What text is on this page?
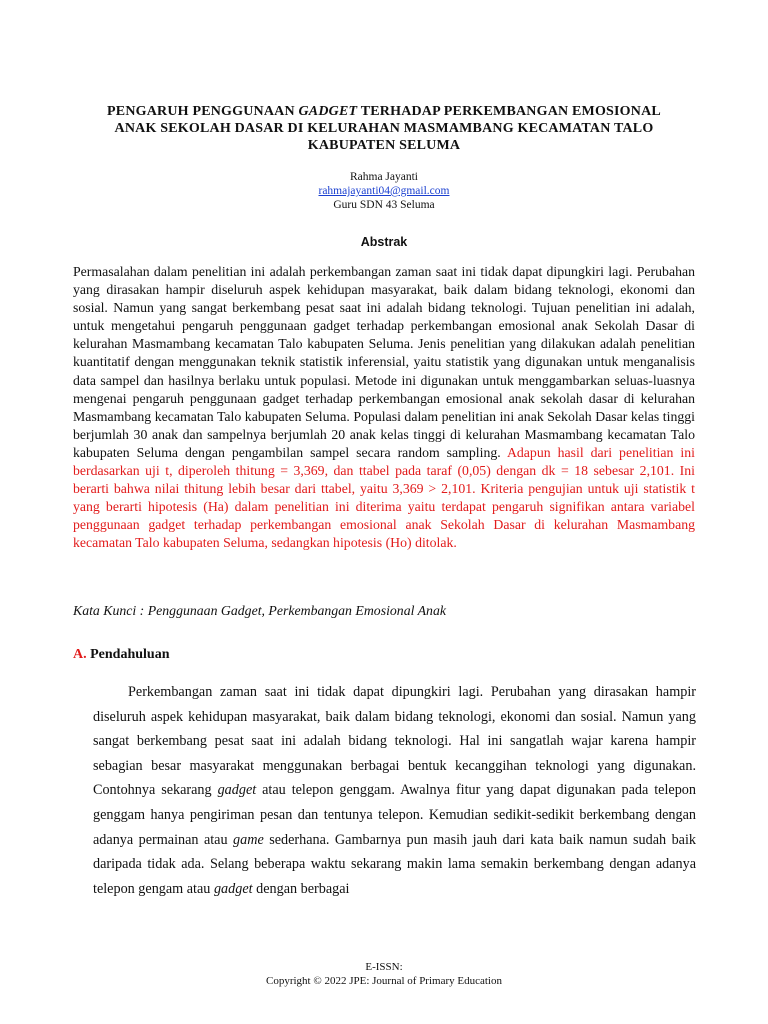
PENGARUH PENGGUNAAN GADGET TERHADAP PERKEMBANGAN EMOSIONAL
ANAK SEKOLAH DASAR DI KELURAHAN MASMAMBANG KECAMATAN TALO
KABUPATEN SELUMA
Rahma Jayanti
rahmajayanti04@gmail.com
Guru SDN 43 Seluma
Abstrak
Permasalahan dalam penelitian ini adalah perkembangan zaman saat ini tidak dapat dipungkiri lagi. Perubahan yang dirasakan hampir diseluruh aspek kehidupan masyarakat, baik dalam bidang teknologi, ekonomi dan sosial. Namun yang sangat berkembang pesat saat ini adalah bidang teknologi. Tujuan penelitian ini adalah, untuk mengetahui pengaruh penggunaan gadget terhadap perkembangan emosional anak Sekolah Dasar di kelurahan Masmambang kecamatan Talo kabupaten Seluma. Jenis penelitian yang dilakukan adalah penelitian kuantitatif dengan menggunakan teknik statistik inferensial, yaitu statistik yang digunakan untuk menganalisis data sampel dan hasilnya berlaku untuk populasi. Metode ini digunakan untuk menggambarkan seluas-luasnya mengenai pengaruh penggunaan gadget terhadap perkembangan emosional anak sekolah dasar di kelurahan Masmambang kecamatan Talo kabupaten Seluma. Populasi dalam penelitian ini anak Sekolah Dasar kelas tinggi berjumlah 30 anak dan sampelnya berjumlah 20 anak kelas tinggi di kelurahan Masmambang kecamatan Talo kabupaten Seluma dengan pengambilan sampel secara random sampling. Adapun hasil dari penelitian ini berdasarkan uji t, diperoleh thitung = 3,369, dan ttabel pada taraf (0,05) dengan dk = 18 sebesar 2,101. Ini berarti bahwa nilai thitung lebih besar dari ttabel, yaitu 3,369 > 2,101. Kriteria pengujian untuk uji statistik t yang berarti hipotesis (Ha) dalam penelitian ini diterima yaitu terdapat pengaruh signifikan antara variabel penggunaan gadget terhadap perkembangan emosional anak Sekolah Dasar di kelurahan Masmambang kecamatan Talo kabupaten Seluma, sedangkan hipotesis (Ho) ditolak.
Kata Kunci : Penggunaan Gadget, Perkembangan Emosional Anak
A. Pendahuluan
Perkembangan zaman saat ini tidak dapat dipungkiri lagi. Perubahan yang dirasakan hampir diseluruh aspek kehidupan masyarakat, baik dalam bidang teknologi, ekonomi dan sosial. Namun yang sangat berkembang pesat saat ini adalah bidang teknologi. Hal ini sangatlah wajar karena hampir sebagian besar masyarakat menggunakan berbagai bentuk kecanggihan teknologi yang digunakan. Contohnya sekarang gadget atau telepon genggam. Awalnya fitur yang dapat digunakan pada telepon genggam hanya pengiriman pesan dan tentunya telepon. Kemudian sedikit-sedikit berkembang dengan adanya permainan atau game sederhana. Gambarnya pun masih jauh dari kata baik namun sudah baik daripada tidak ada. Selang beberapa waktu sekarang makin lama semakin berkembang dengan adanya telepon gengam atau gadget dengan berbagai
E-ISSN:
Copyright © 2022 JPE: Journal of Primary Education
